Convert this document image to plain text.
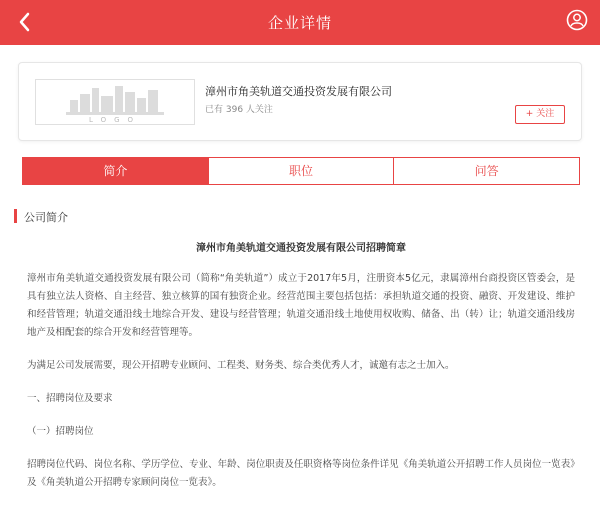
企业详情
LOGO
漳州市角美轨道交通投资发展有限公司
已有 396 人关注	+ 关注
简介	职位	问答
公司简介
漳州市角美轨道交通投资发展有限公司招聘简章

漳州市角美轨道交通投资发展有限公司（简称“角美轨道”）成立于2017年5月，注册资本5亿元，隶属漳州台商投资区管委会，是具有独立法人资格、自主经营、独立核算的国有独资企业。经营范围主要包括包括：承担轨道交通的投资、融资、开发建设、维护和经营管理；轨道交通沿线土地综合开发、建设与经营管理；轨道交通沿线土地使用权收购、储备、出（转）让；轨道交通沿线房地产及相配套的综合开发和经营管理等。

为满足公司发展需要，现公开招聘专业顾问、工程类、财务类、综合类优秀人才，诚邀有志之士加入。

一、招聘岗位及要求

（一）招聘岗位

招聘岗位代码、岗位名称、学历学位、专业、年龄、岗位职责及任职资格等岗位条件详见《角美轨道公开招聘工作人员岗位一览表》及《角美轨道公开招聘专家顾问岗位一览表》。
